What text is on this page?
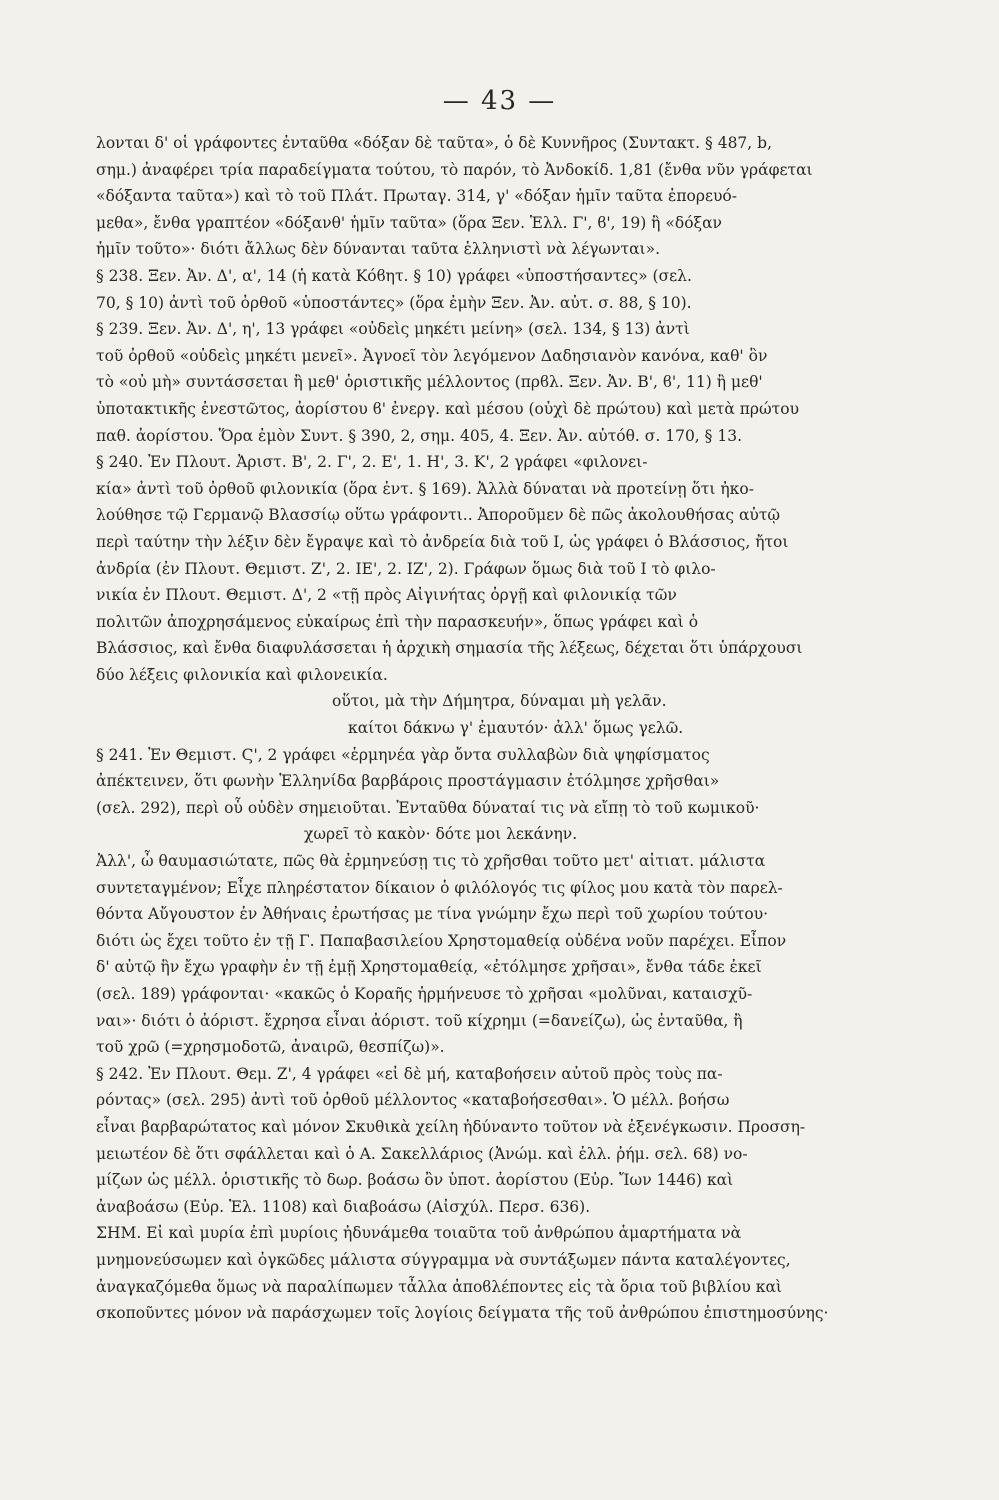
— 43 —
λονται δ' οἱ γράφοντες ἐνταῦθα «δόξαν δὲ ταῦτα», ὁ δὲ Κυννῆρος (Συντακτ. § 487, b,
σημ.) ἀναφέρει τρία παραδείγματα τούτου, τὸ παρόν, τὸ Ἀνδοκίδ. 1,81 (ἔνθα νῦν γράφεται
«δόξαντα ταῦτα») καὶ τὸ τοῦ Πλάτ. Πρωταγ. 314, γ' «δόξαν ἡμῖν ταῦτα ἐπορευό-
μεθα», ἔνθα γραπτέον «δόξανθ' ἡμῖν ταῦτα» (ὅρα Ξεν. Ἑλλ. Γ', ϐ', 19) ἢ «δόξαν
ἡμῖν τοῦτο»· διότι ἄλλως δὲν δύνανται ταῦτα ἑλληνιστὶ νὰ λέγωνται».
§ 238. Ξεν. Ἀν. Δ', α', 14 (ἡ κατὰ Κόϐητ. § 10) γράφει «ὑποστήσαντες» (σελ.
70, § 10) ἀντὶ τοῦ ὀρθοῦ «ὑποστάντες» (ὅρα ἐμὴν Ξεν. Ἀν. αὐτ. σ. 88, § 10).
§ 239. Ξεν. Ἀν. Δ', η', 13 γράφει «οὐδεὶς μηκέτι μείνη» (σελ. 134, § 13) ἀντὶ
τοῦ ὀρθοῦ «οὐδεὶς μηκέτι μενεῖ». Ἀγνοεῖ τὸν λεγόμενον Δαδησιανὸν κανόνα, καθ' ὃν
τὸ «οὐ μὴ» συντάσσεται ἢ μεθ' ὁριστικῆς μέλλοντος (πρϐλ. Ξεν. Ἀν. Β', ϐ', 11) ἢ μεθ'
ὑποτακτικῆς ἐνεστῶτος, ἀορίστου ϐ' ἐνεργ. καὶ μέσου (οὐχὶ δὲ πρώτου) καὶ μετὰ πρώτου
παθ. ἀορίστου. Ὅρα ἐμὸν Συντ. § 390, 2, σημ. 405, 4. Ξεν. Ἀν. αὐτόθ. σ. 170, § 13.
§ 240. Ἐν Πλουτ. Ἀριστ. Β', 2. Γ', 2. Ε', 1. Η', 3. Κ', 2 γράφει «φιλονει-
κία» ἀντὶ τοῦ ὀρθοῦ φιλονικία (ὅρα ἐντ. § 169). Ἀλλὰ δύναται νὰ προτείνῃ ὅτι ἠκο-
λούθησε τῷ Γερμανῷ Βλασσίῳ οὕτω γράφοντι.. Ἀποροῦμεν δὲ πῶς ἀκολουθήσας αὐτῷ
περὶ ταύτην τὴν λέξιν δὲν ἔγραψε καὶ τὸ ἀνδρεία διὰ τοῦ Ι, ὡς γράφει ὁ Βλάσσιος, ἤτοι
ἀνδρία (ἐν Πλουτ. Θεμιστ. Ζ', 2. ΙΕ', 2. ΙΖ', 2). Γράφων ὅμως διὰ τοῦ Ι τὸ φιλο-
νικία ἐν Πλουτ. Θεμιστ. Δ', 2 «τῇ πρὸς Αἰγινήτας ὀργῇ καὶ φιλονικίᾳ τῶν
πολιτῶν ἀποχρησάμενος εὐκαίρως ἐπὶ τὴν παρασκευήν», ὅπως γράφει καὶ ὁ
Βλάσσιος, καὶ ἔνθα διαφυλάσσεται ἡ ἀρχικὴ σημασία τῆς λέξεως, δέχεται ὅτι ὑπάρχουσι
δύο λέξεις φιλονικία καὶ φιλονεικία.
οὕτοι, μὰ τὴν Δήμητρα, δύναμαι μὴ γελᾶν.
καίτοι δάκνω γ' ἐμαυτόν· ἀλλ' ὅμως γελῶ.
§ 241. Ἐν Θεμιστ. Ϛ', 2 γράφει «ἑρμηνέα γὰρ ὄντα συλλαβὼν διὰ ψηφίσματος
ἀπέκτεινεν, ὅτι φωνὴν Ἑλληνίδα βαρβάροις προστάγμασιν ἐτόλμησε χρῆσθαι»
(σελ. 292), περὶ οὗ οὐδὲν σημειοῦται. Ἐνταῦθα δύναταί τις νὰ εἴπῃ τὸ τοῦ κωμικοῦ·
χωρεῖ τὸ κακὸν· δότε μοι λεκάνην.
Ἀλλ', ὦ θαυμασιώτατε, πῶς θὰ ἑρμηνεύσῃ τις τὸ χρῆσθαι τοῦτο μετ' αἰτιατ. μάλιστα
συντεταγμένον; Εἶχε πληρέστατον δίκαιον ὁ φιλόλογός τις φίλος μου κατὰ τὸν παρελ-
θόντα Αὔγουστον ἐν Ἀθήναις ἐρωτήσας με τίνα γνώμην ἔχω περὶ τοῦ χωρίου τούτου·
διότι ὡς ἔχει τοῦτο ἐν τῇ Γ. Παπαβασιλείου Χρηστομαθείᾳ οὐδένα νοῦν παρέχει. Εἶπον
δ' αὐτῷ ἣν ἔχω γραφὴν ἐν τῇ ἐμῇ Χρηστομαθείᾳ, «ἐτόλμησε χρῆσαι», ἔνθα τάδε ἐκεῖ
(σελ. 189) γράφονται· «κακῶς ὁ Κοραῆς ἡρμήνευσε τὸ χρῆσαι «μολῦναι, καταισχῦ-
ναι»· διότι ὁ ἀόριστ. ἔχρησα εἶναι ἀόριστ. τοῦ κίχρημι (=δανείζω), ὡς ἐνταῦθα, ἢ
τοῦ χρῶ (=χρησμοδοτῶ, ἀναιρῶ, θεσπίζω)».
§ 242. Ἐν Πλουτ. Θεμ. Ζ', 4 γράφει «εἰ δὲ μή, καταβοήσειν αὐτοῦ πρὸς τοὺς πα-
ρόντας» (σελ. 295) ἀντὶ τοῦ ὀρθοῦ μέλλοντος «καταβοήσεσθαι». Ὁ μέλλ. βοήσω
εἶναι βαρβαρώτατος καὶ μόνον Σκυθικὰ χείλη ἠδύναντο τοῦτον νὰ ἐξενέγκωσιν. Προσση-
μειωτέον δὲ ὅτι σφάλλεται καὶ ὁ Α. Σακελλάριος (Ἀνώμ. καὶ ἐλλ. ῥήμ. σελ. 68) νο-
μίζων ὡς μέλλ. ὁριστικῆς τὸ δωρ. βοάσω ὂν ὑποτ. ἀορίστου (Εὐρ. Ἴων 1446) καὶ
ἀναβοάσω (Εὐρ. Ἑλ. 1108) καὶ διαβοάσω (Αἰσχύλ. Περσ. 636).
ΣΗΜ. Εἰ καὶ μυρία ἐπὶ μυρίοις ἠδυνάμεθα τοιαῦτα τοῦ ἀνθρώπου ἁμαρτήματα νὰ
μνημονεύσωμεν καὶ ὀγκῶδες μάλιστα σύγγραμμα νὰ συντάξωμεν πάντα καταλέγοντες,
ἀναγκαζόμεθα ὅμως νὰ παραλίπωμεν τἆλλα ἀποϐλέποντες εἰς τὰ ὅρια τοῦ βιβλίου καὶ
σκοποῦντες μόνον νὰ παράσχωμεν τοῖς λογίοις δείγματα τῆς τοῦ ἀνθρώπου ἐπιστημοσύνης·
